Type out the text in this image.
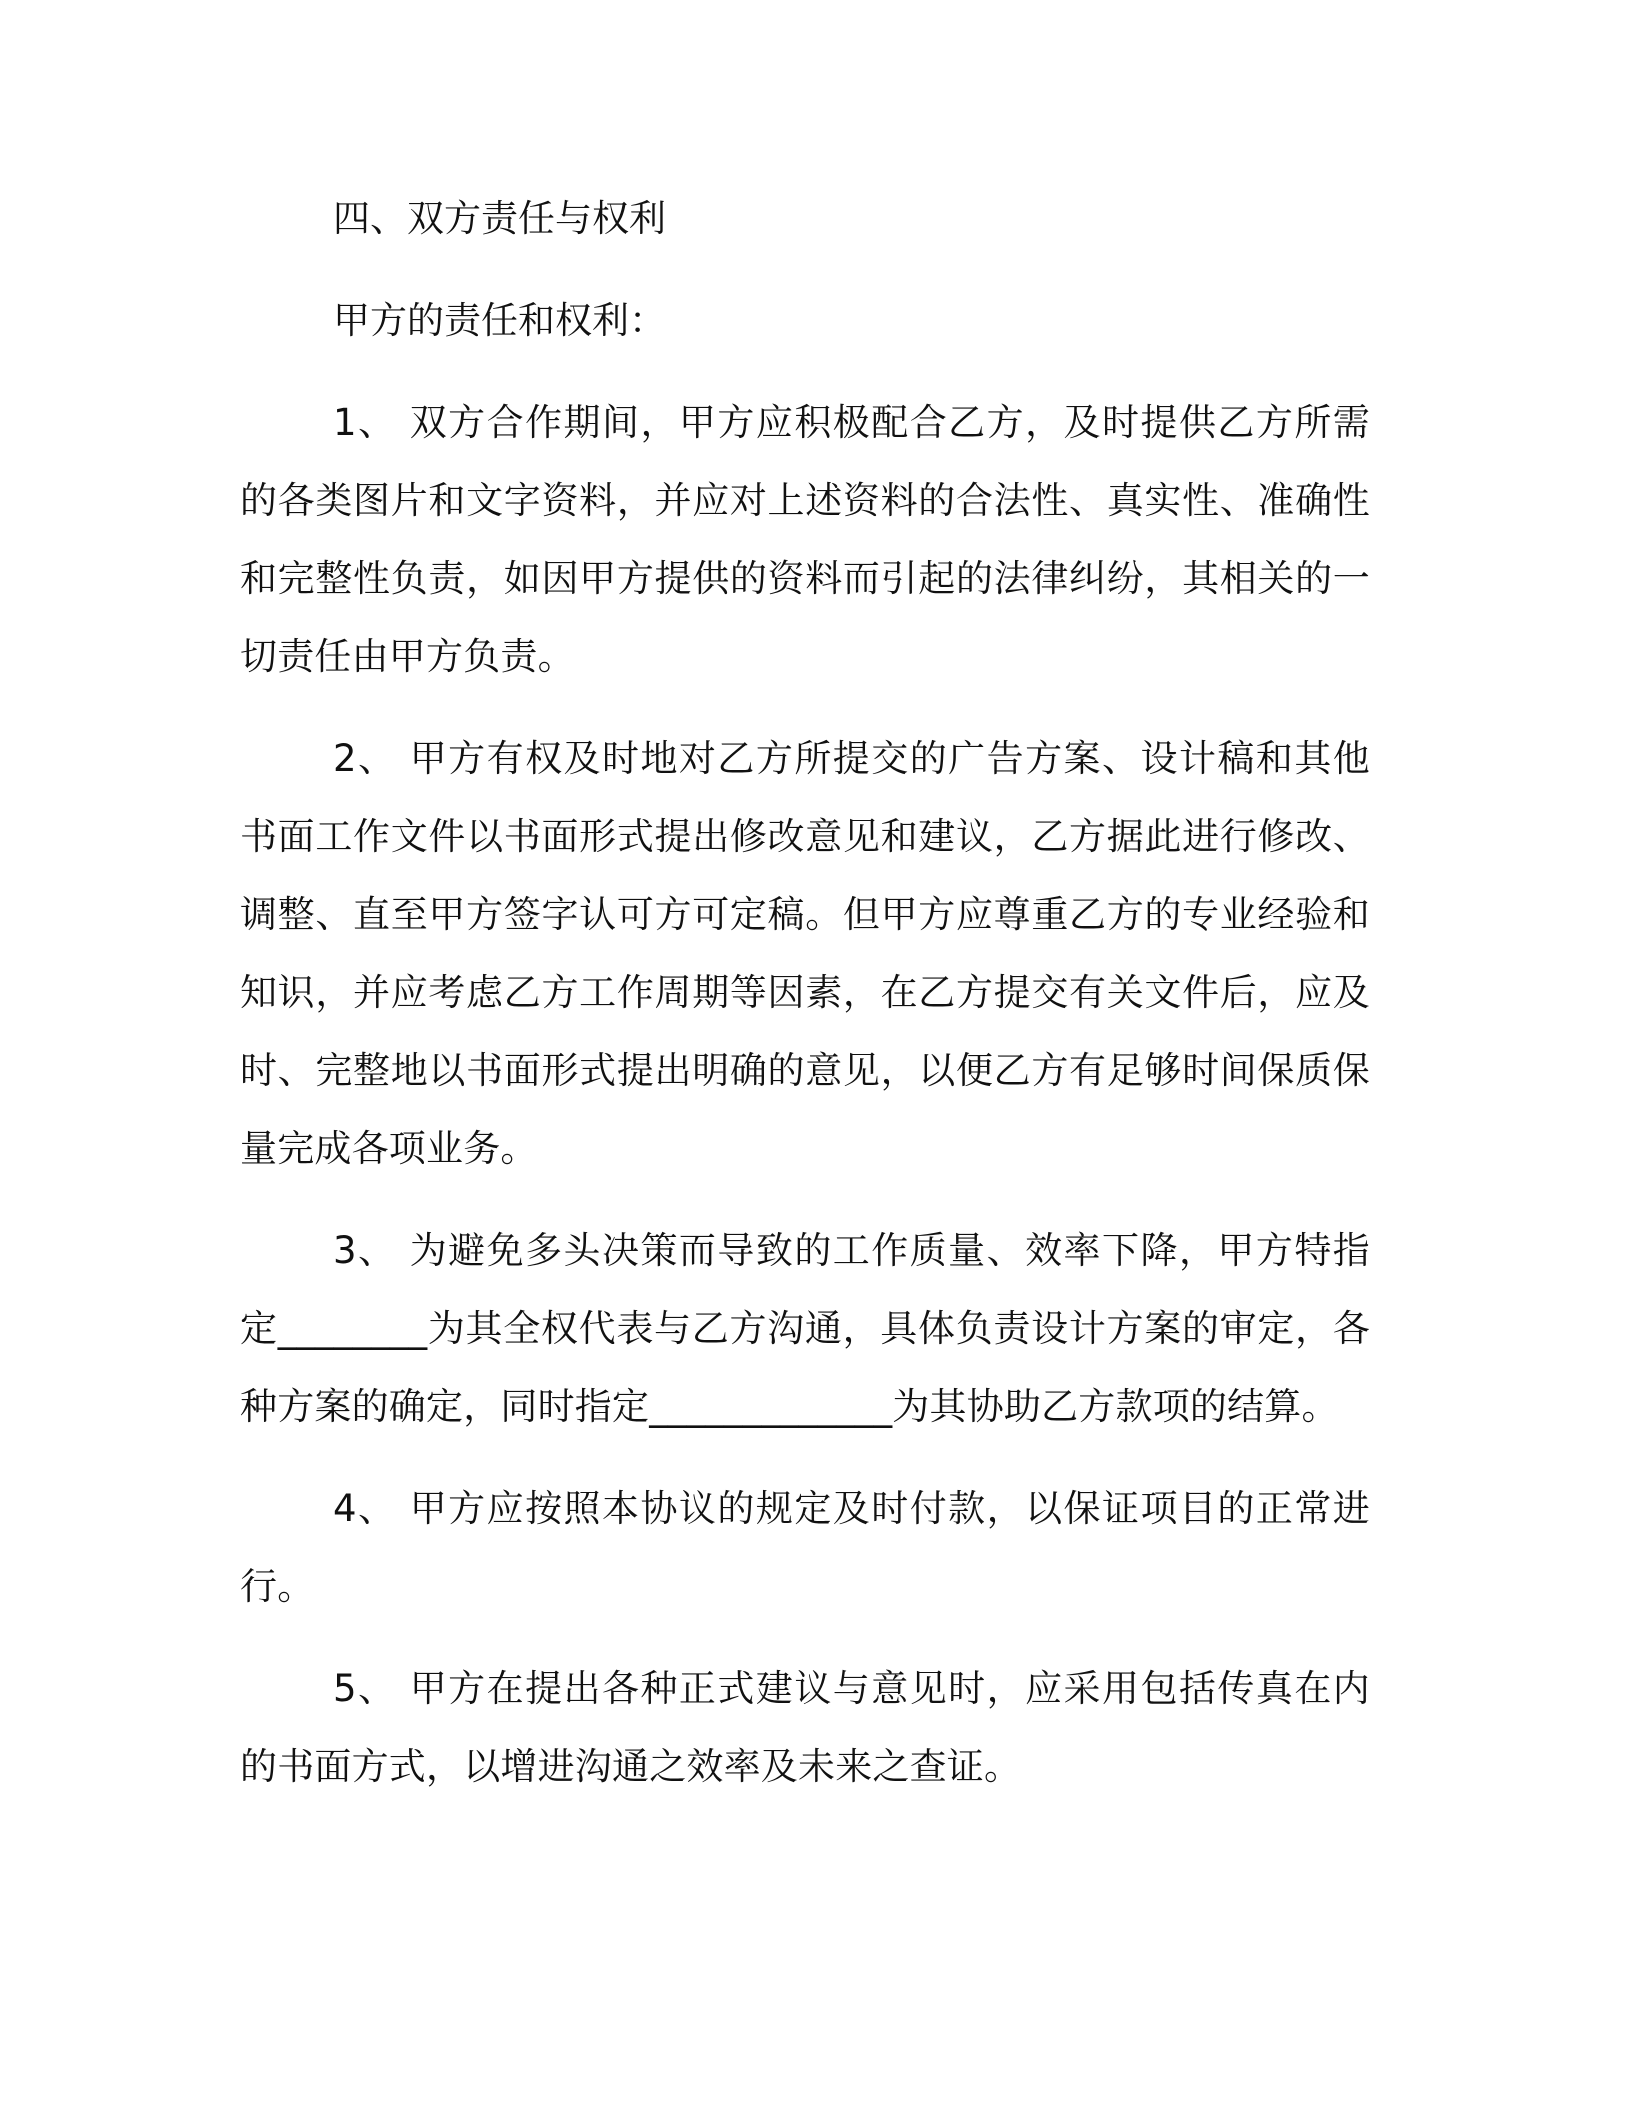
四、双方责任与权利

甲方的责任和权利：

1、 双方合作期间，甲方应积极配合乙方，及时提供乙方所需的各类图片和文字资料，并应对上述资料的合法性、真实性、准确性和完整性负责，如因甲方提供的资料而引起的法律纠纷，其相关的一切责任由甲方负责。

2、 甲方有权及时地对乙方所提交的广告方案、设计稿和其他书面工作文件以书面形式提出修改意见和建议，乙方据此进行修改、调整、直至甲方签字认可方可定稿。但甲方应尊重乙方的专业经验和知识，并应考虑乙方工作周期等因素，在乙方提交有关文件后，应及时、完整地以书面形式提出明确的意见，以便乙方有足够时间保质保量完成各项业务。

3、 为避免多头决策而导致的工作质量、效率下降，甲方特指定________为其全权代表与乙方沟通，具体负责设计方案的审定，各种方案的确定，同时指定_____________为其协助乙方款项的结算。

4、 甲方应按照本协议的规定及时付款，以保证项目的正常进行。

5、 甲方在提出各种正式建议与意见时，应采用包括传真在内的书面方式，以增进沟通之效率及未来之查证。
